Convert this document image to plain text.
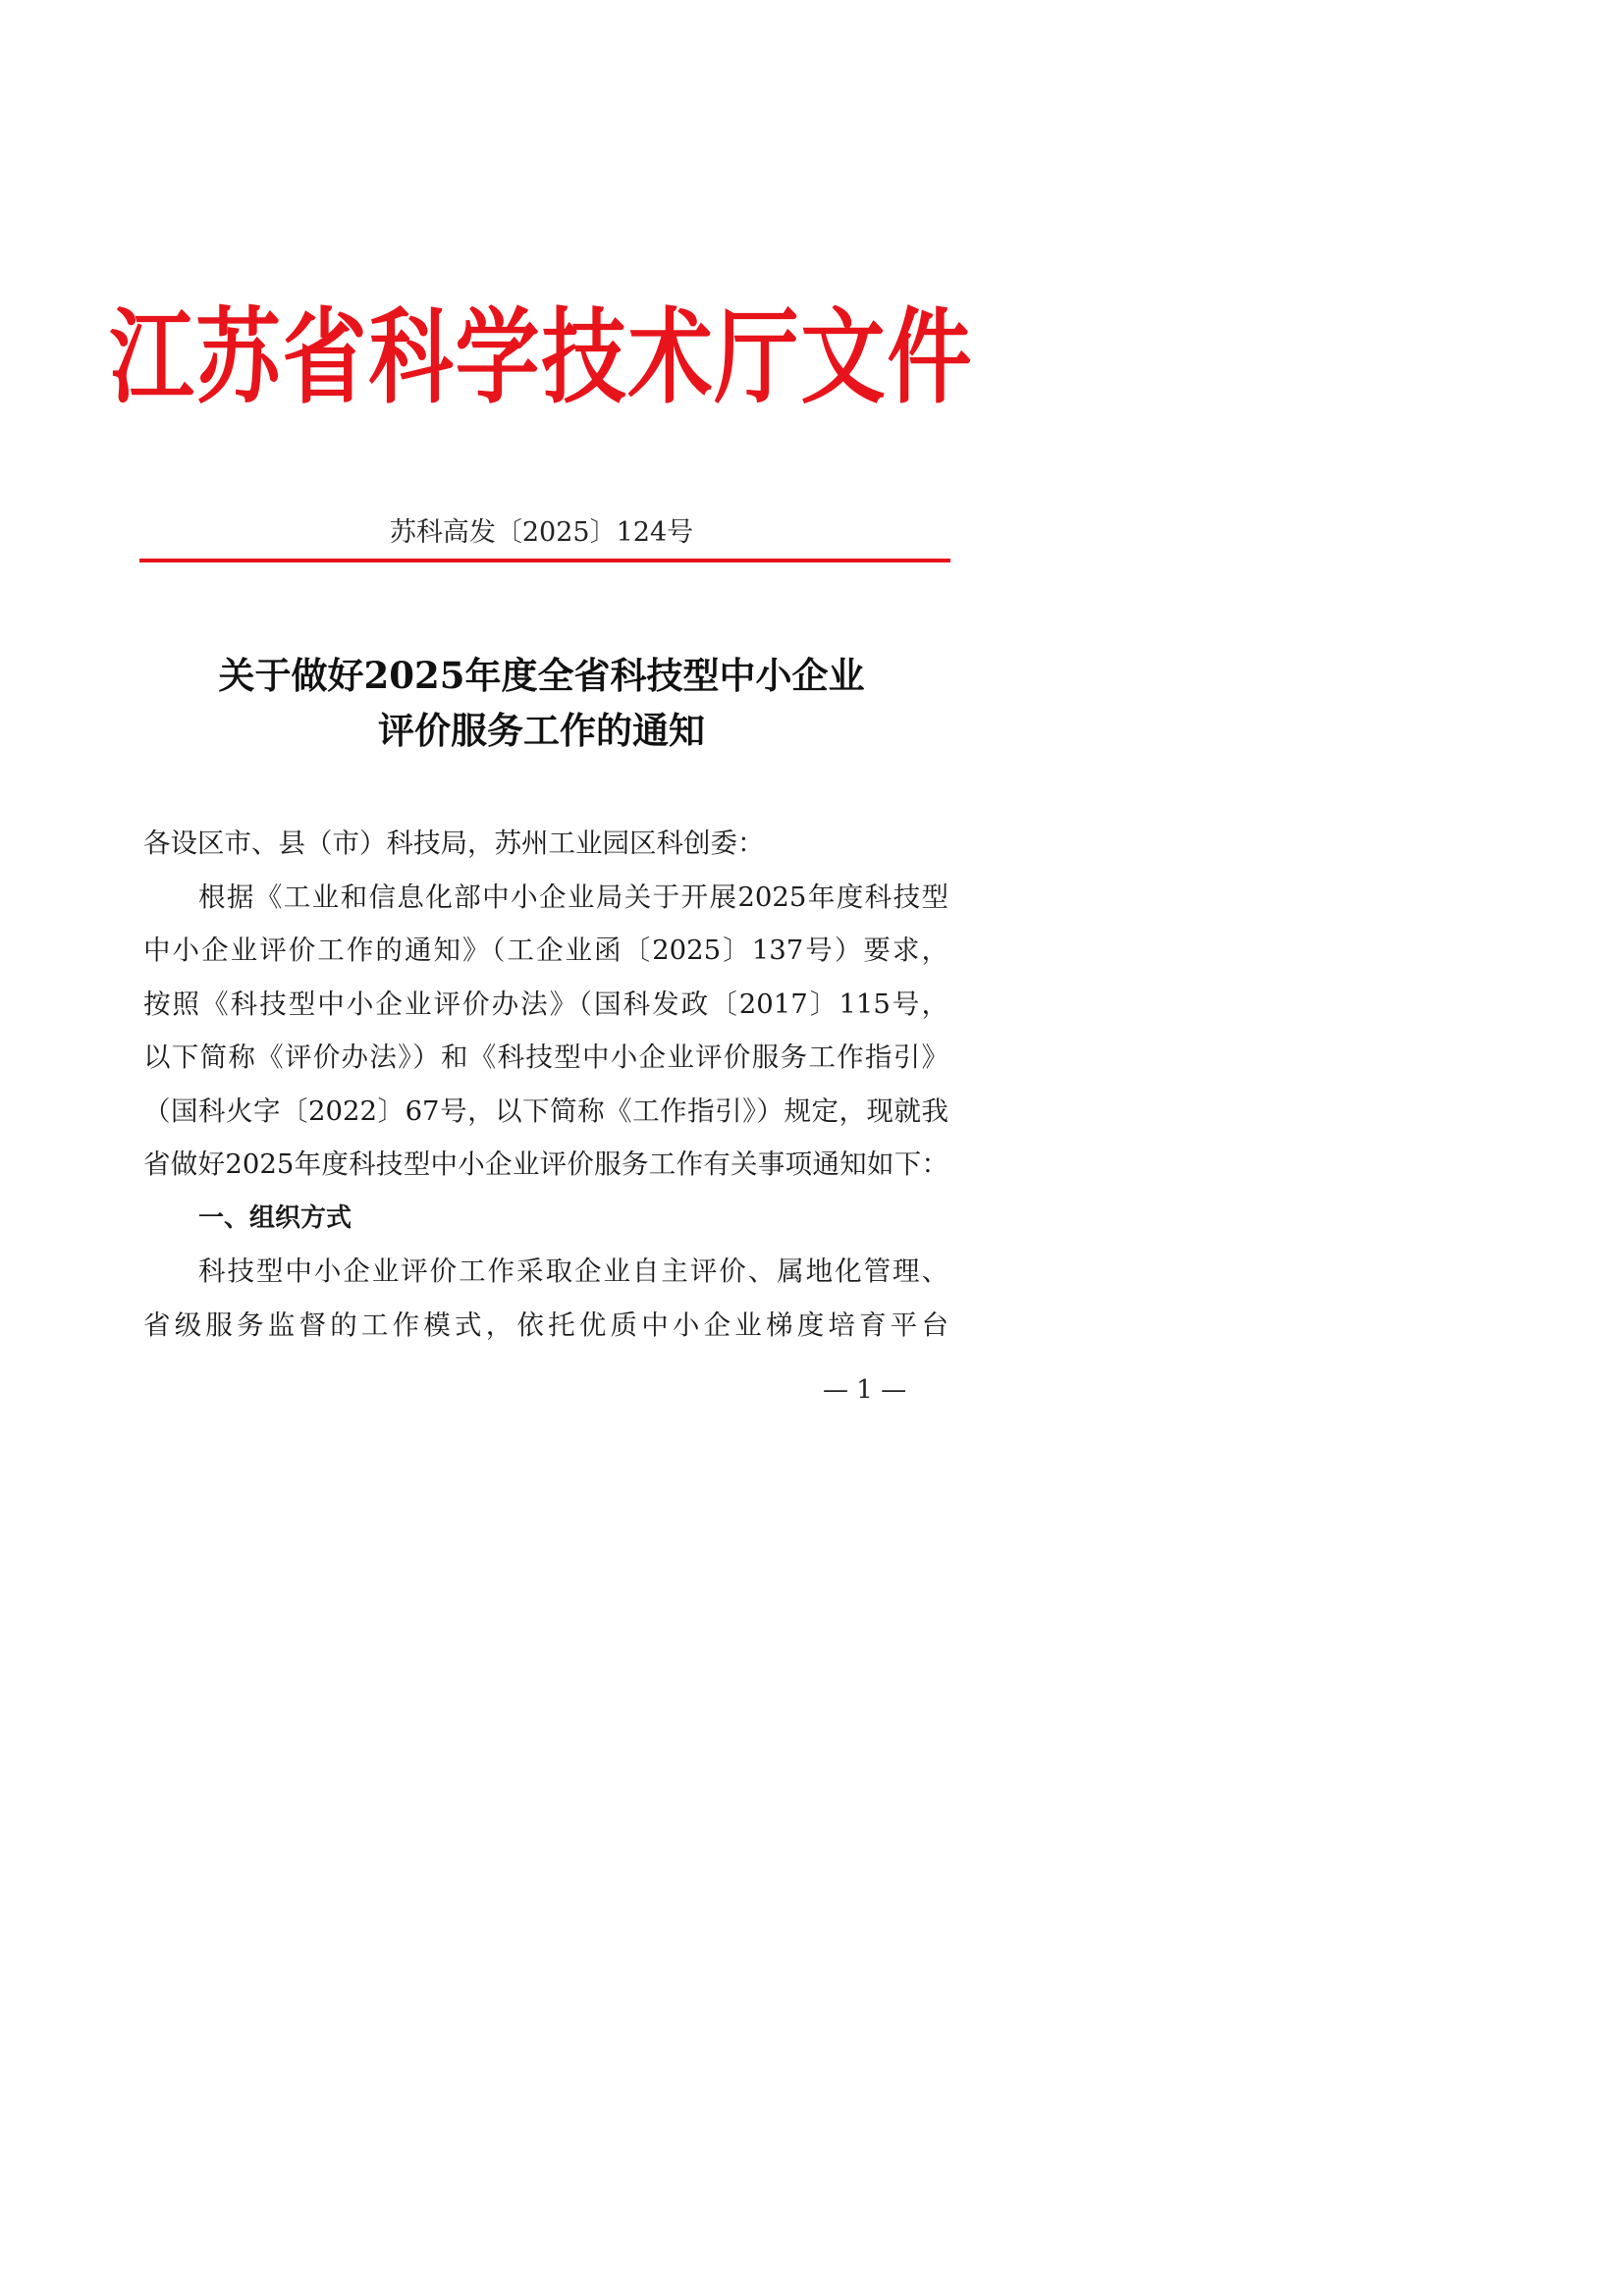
江苏省科学技术厅文件
苏科高发〔2025〕124号
关于做好2025年度全省科技型中小企业
评价服务工作的通知
各设区市、县（市）科技局，苏州工业园区科创委：
根据《工业和信息化部中小企业局关于开展2025年度科技型
中小企业评价工作的通知》（工企业函〔2025〕137号）要求，
按照《科技型中小企业评价办法》（国科发政〔2017〕115号，
以下简称《评价办法》）和《科技型中小企业评价服务工作指引》
（国科火字〔2022〕67号，以下简称《工作指引》）规定，现就我
省做好2025年度科技型中小企业评价服务工作有关事项通知如下：
一、组织方式
科技型中小企业评价工作采取企业自主评价、属地化管理、
省级服务监督的工作模式，依托优质中小企业梯度培育平台
— 1 —
